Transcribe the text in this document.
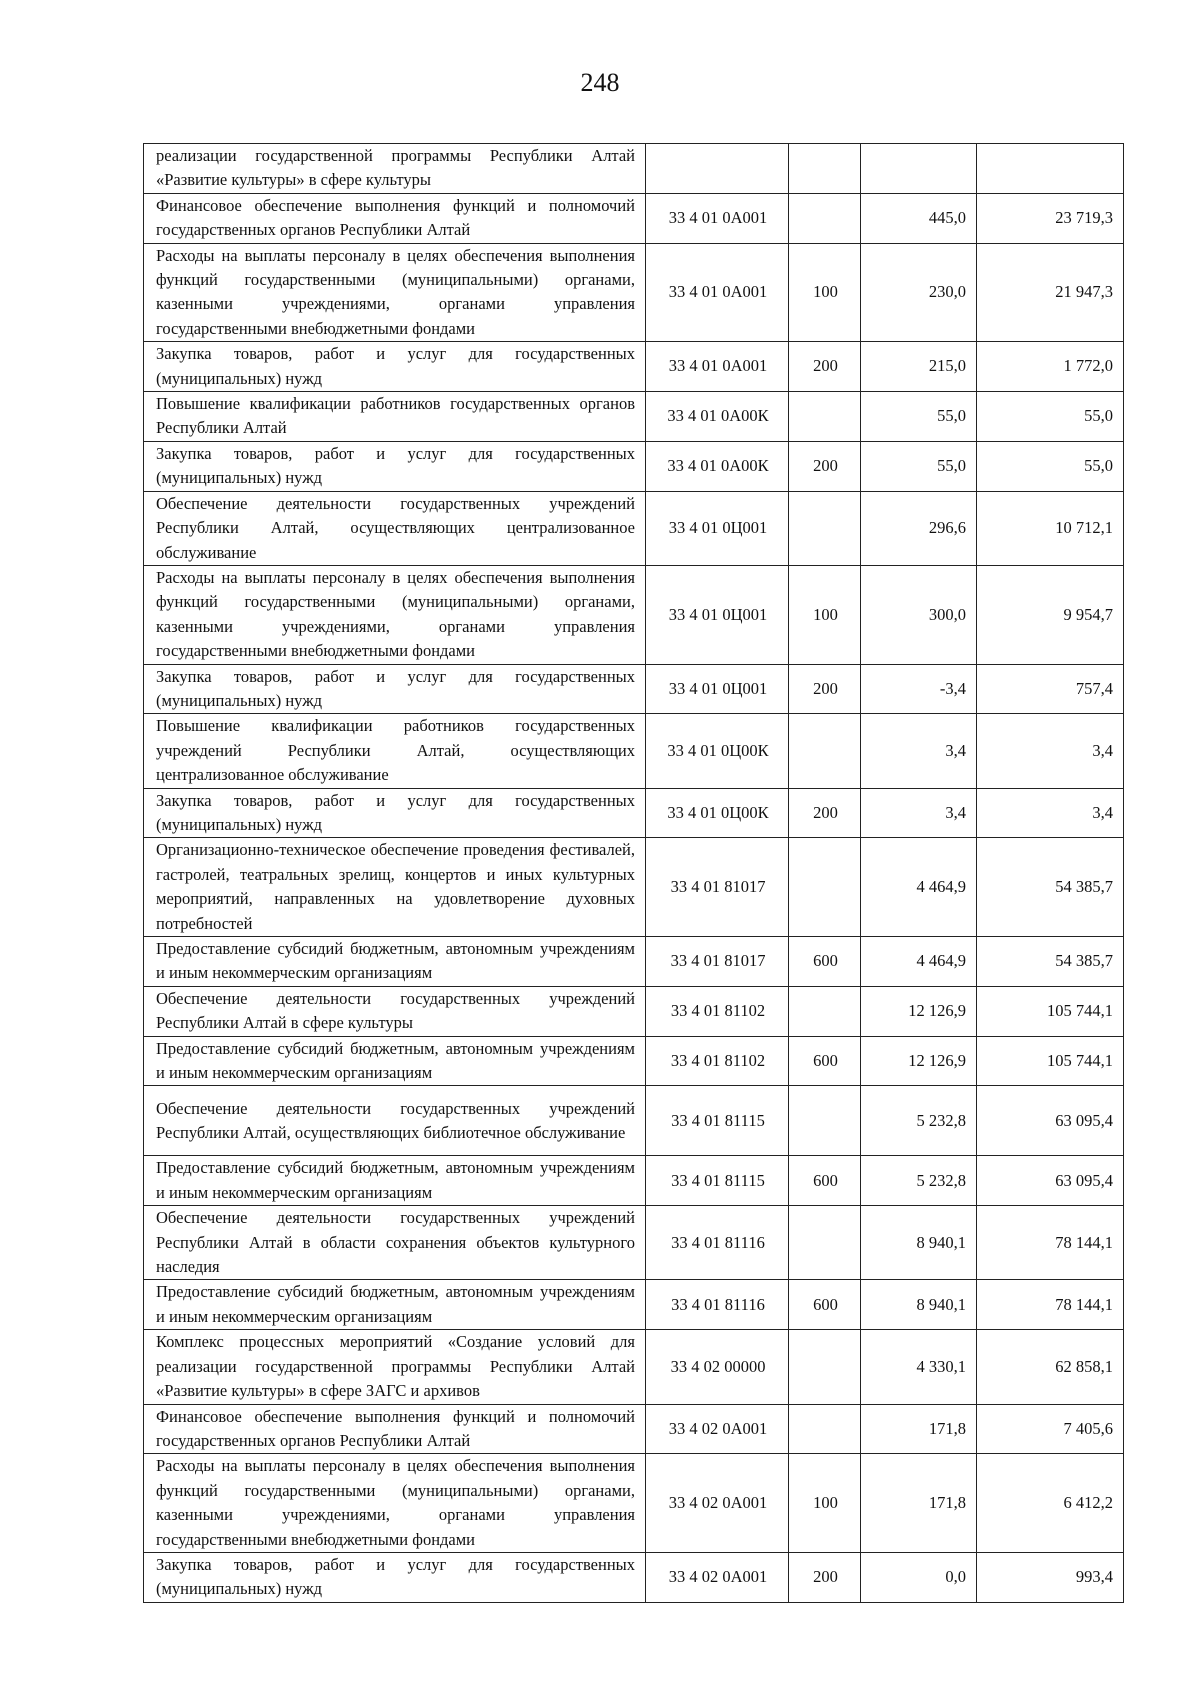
248
реализации государственной программы Республики Алтай «Развитие культуры» в сфере культуры				
Финансовое обеспечение выполнения функций и полномочий государственных органов Республики Алтай	33 4 01 0А001		445,0	23 719,3
Расходы на выплаты персоналу в целях обеспечения выполнения функций государственными (муниципальными) органами, казенными учреждениями, органами управления государственными внебюджетными фондами	33 4 01 0А001	100	230,0	21 947,3
Закупка товаров, работ и услуг для государственных (муниципальных) нужд	33 4 01 0А001	200	215,0	1 772,0
Повышение квалификации работников государственных органов Республики Алтай	33 4 01 0А00К		55,0	55,0
Закупка товаров, работ и услуг для государственных (муниципальных) нужд	33 4 01 0А00К	200	55,0	55,0
Обеспечение деятельности государственных учреждений Республики Алтай, осуществляющих централизованное обслуживание	33 4 01 0Ц001		296,6	10 712,1
Расходы на выплаты персоналу в целях обеспечения выполнения функций государственными (муниципальными) органами, казенными учреждениями, органами управления государственными внебюджетными фондами	33 4 01 0Ц001	100	300,0	9 954,7
Закупка товаров, работ и услуг для государственных (муниципальных) нужд	33 4 01 0Ц001	200	-3,4	757,4
Повышение квалификации работников государственных учреждений Республики Алтай, осуществляющих централизованное обслуживание	33 4 01 0Ц00К		3,4	3,4
Закупка товаров, работ и услуг для государственных (муниципальных) нужд	33 4 01 0Ц00К	200	3,4	3,4
Организационно-техническое обеспечение проведения фестивалей, гастролей, театральных зрелищ, концертов и иных культурных мероприятий, направленных на удовлетворение духовных потребностей	33 4 01 81017		4 464,9	54 385,7
Предоставление субсидий бюджетным, автономным учреждениям и иным некоммерческим организациям	33 4 01 81017	600	4 464,9	54 385,7
Обеспечение деятельности государственных учреждений Республики Алтай в сфере культуры	33 4 01 81102		12 126,9	105 744,1
Предоставление субсидий бюджетным, автономным учреждениям и иным некоммерческим организациям	33 4 01 81102	600	12 126,9	105 744,1
Обеспечение деятельности государственных учреждений Республики Алтай, осуществляющих библиотечное обслуживание	33 4 01 81115		5 232,8	63 095,4
Предоставление субсидий бюджетным, автономным учреждениям и иным некоммерческим организациям	33 4 01 81115	600	5 232,8	63 095,4
Обеспечение деятельности государственных учреждений Республики Алтай в области сохранения объектов культурного наследия	33 4 01 81116		8 940,1	78 144,1
Предоставление субсидий бюджетным, автономным учреждениям и иным некоммерческим организациям	33 4 01 81116	600	8 940,1	78 144,1
Комплекс процессных мероприятий «Создание условий для реализации государственной программы Республики Алтай «Развитие культуры» в сфере ЗАГС и архивов	33 4 02 00000		4 330,1	62 858,1
Финансовое обеспечение выполнения функций и полномочий государственных органов Республики Алтай	33 4 02 0А001		171,8	7 405,6
Расходы на выплаты персоналу в целях обеспечения выполнения функций государственными (муниципальными) органами, казенными учреждениями, органами управления государственными внебюджетными фондами	33 4 02 0А001	100	171,8	6 412,2
Закупка товаров, работ и услуг для государственных (муниципальных) нужд	33 4 02 0А001	200	0,0	993,4
